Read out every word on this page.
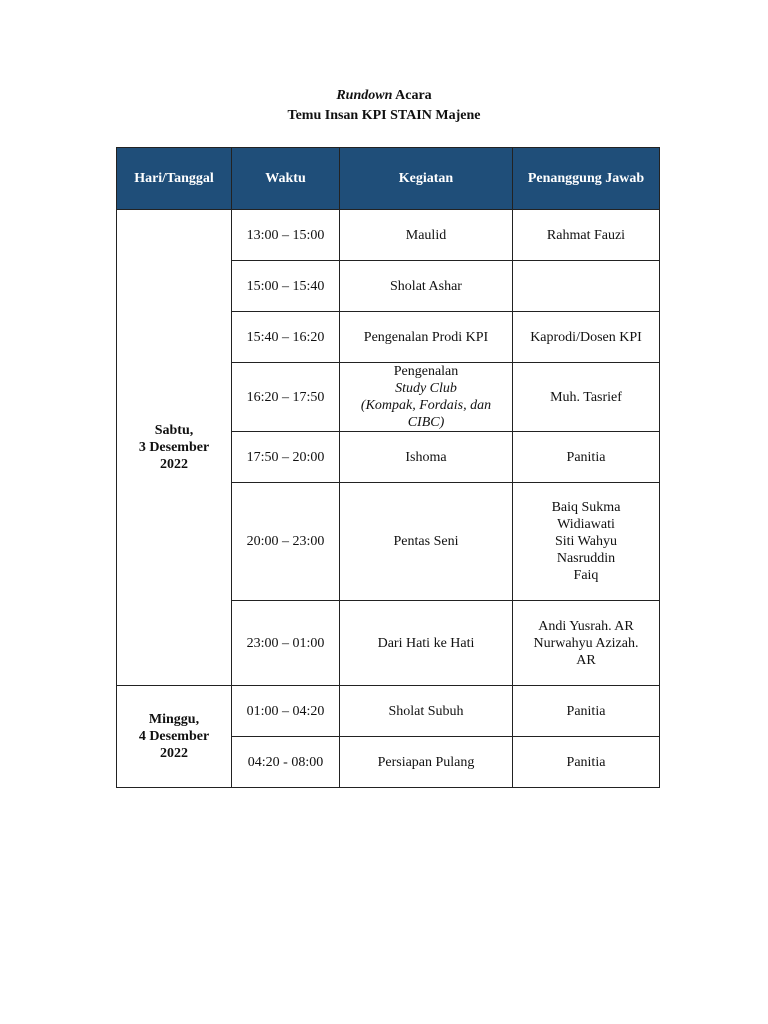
Rundown Acara
Temu Insan KPI STAIN Majene
Hari/Tanggal	Waktu	Kegiatan	Penanggung Jawab

Sabtu,
3 Desember
2022	13:00 – 15:00	Maulid	Rahmat Fauzi
	15:00 – 15:40	Sholat Ashar	
	15:40 – 16:20	Pengenalan Prodi KPI	Kaprodi/Dosen KPI
	16:20 – 17:50	Pengenalan
Study Club
(Kompak, Fordais, dan
CIBC)	Muh. Tasrief
	17:50 – 20:00	Ishoma	Panitia
	20:00 – 23:00	Pentas Seni	Baiq Sukma
Widiawati
Siti Wahyu
Nasruddin
Faiq

	23:00 – 01:00	Dari Hati ke Hati	Andi Yusrah. AR
Nurwahyu Azizah.
AR

Minggu,
4 Desember
2022	01:00 – 04:20	Sholat Subuh	Panitia
	04:20 - 08:00	Persiapan Pulang	Panitia
